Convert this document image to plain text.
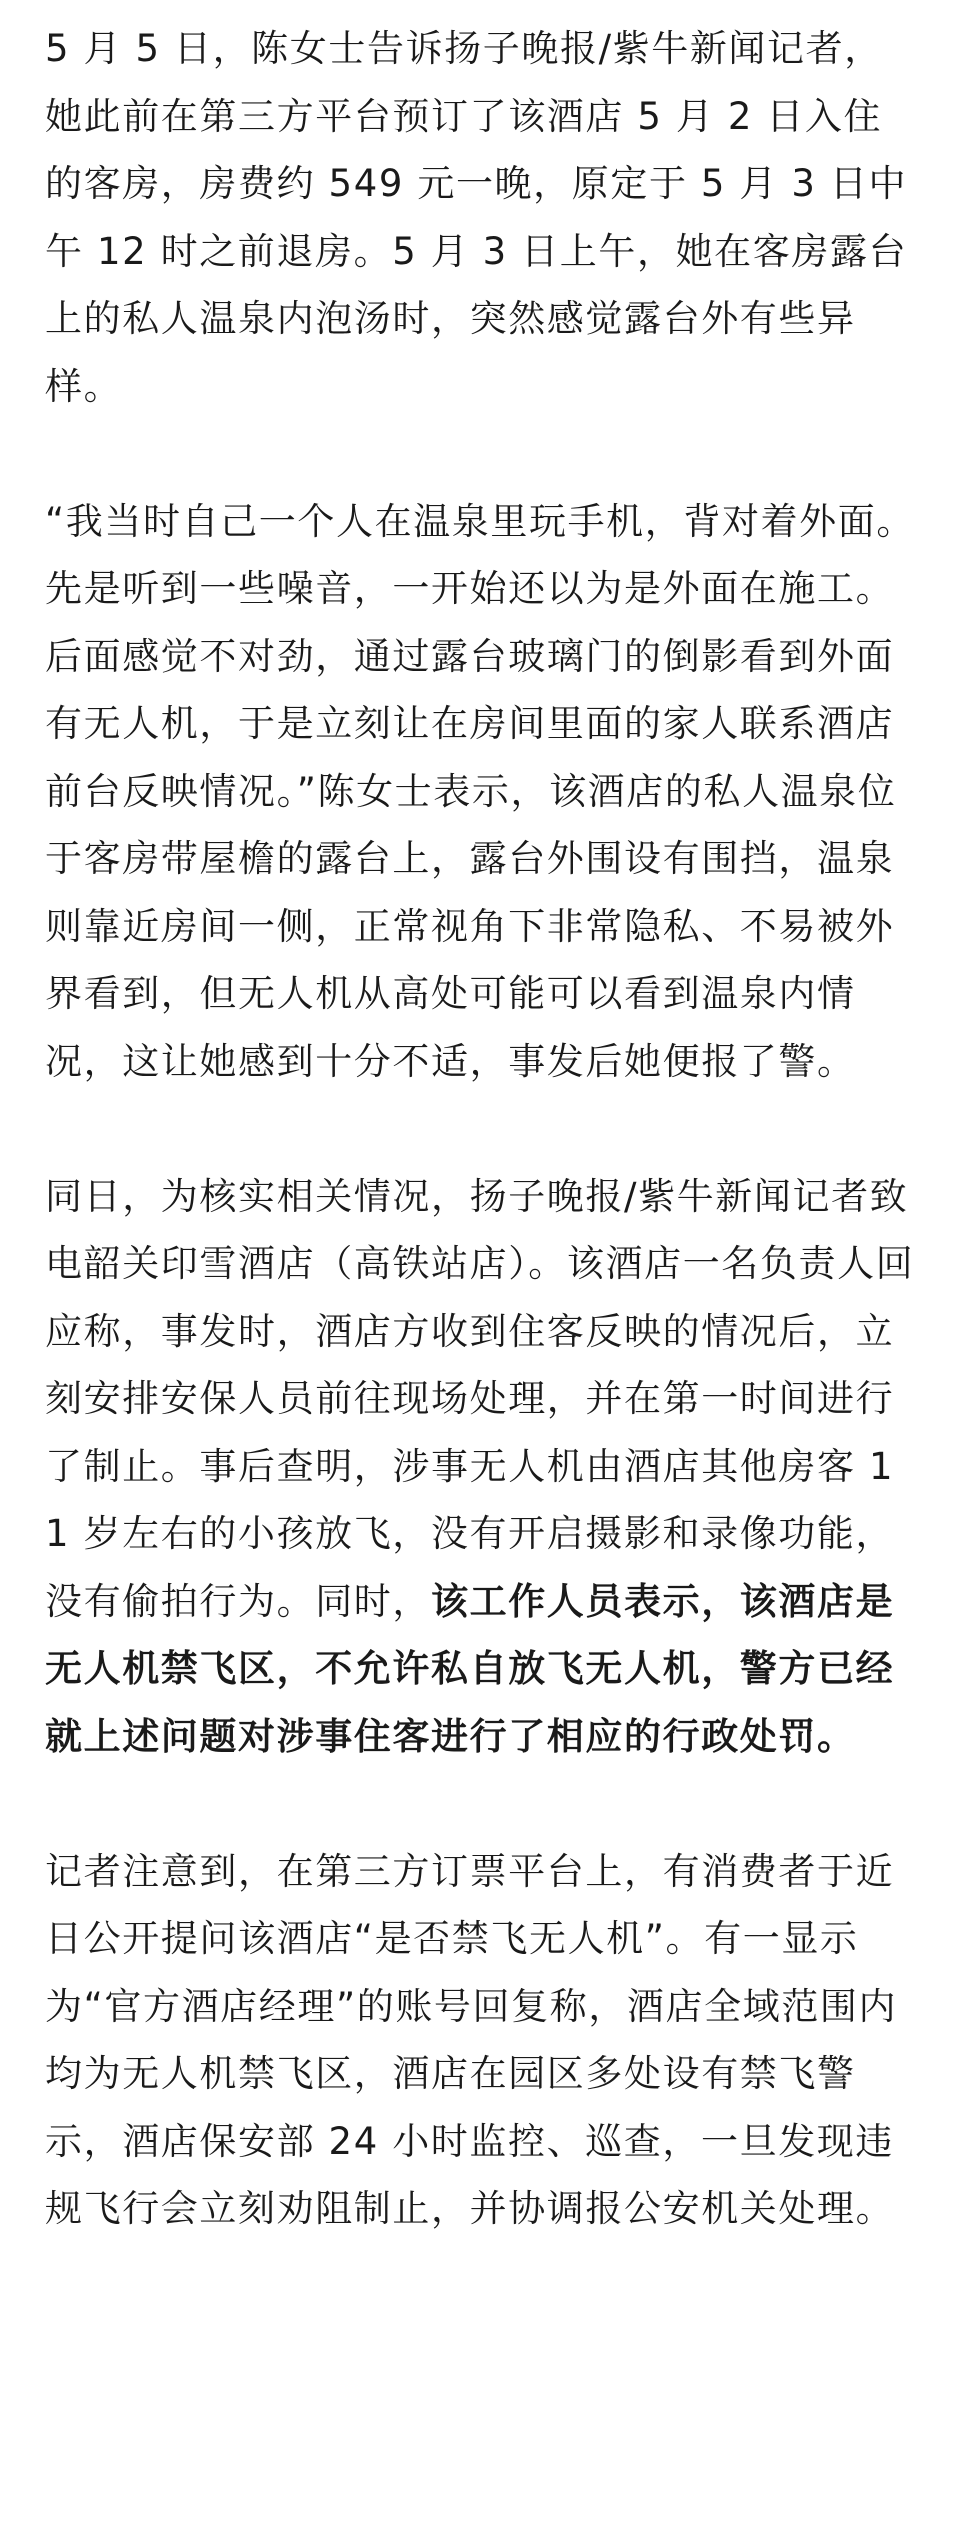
5 月 5 日，陈女士告诉扬子晚报/紫牛新闻记者，她此前在第三方平台预订了该酒店 5 月 2 日入住的客房，房费约 549 元一晚，原定于 5 月 3 日中午 12 时之前退房。5 月 3 日上午，她在客房露台上的私人温泉内泡汤时，突然感觉露台外有些异样。

“我当时自己一个人在温泉里玩手机，背对着外面。先是听到一些噪音，一开始还以为是外面在施工。后面感觉不对劲，通过露台玻璃门的倒影看到外面有无人机，于是立刻让在房间里面的家人联系酒店前台反映情况。”陈女士表示，该酒店的私人温泉位于客房带屋檐的露台上，露台外围设有围挡，温泉则靠近房间一侧，正常视角下非常隐私、不易被外界看到，但无人机从高处可能可以看到温泉内情况，这让她感到十分不适，事发后她便报了警。

同日，为核实相关情况，扬子晚报/紫牛新闻记者致电韶关印雪酒店（高铁站店）。该酒店一名负责人回应称，事发时，酒店方收到住客反映的情况后，立刻安排安保人员前往现场处理，并在第一时间进行了制止。事后查明，涉事无人机由酒店其他房客 11 岁左右的小孩放飞，没有开启摄影和录像功能，没有偷拍行为。同时，该工作人员表示，该酒店是无人机禁飞区，不允许私自放飞无人机，警方已经就上述问题对涉事住客进行了相应的行政处罚。

记者注意到，在第三方订票平台上，有消费者于近日公开提问该酒店“是否禁飞无人机”。有一显示为“官方酒店经理”的账号回复称，酒店全域范围内均为无人机禁飞区，酒店在园区多处设有禁飞警示，酒店保安部 24 小时监控、巡查，一旦发现违规飞行会立刻劝阻制止，并协调报公安机关处理。
